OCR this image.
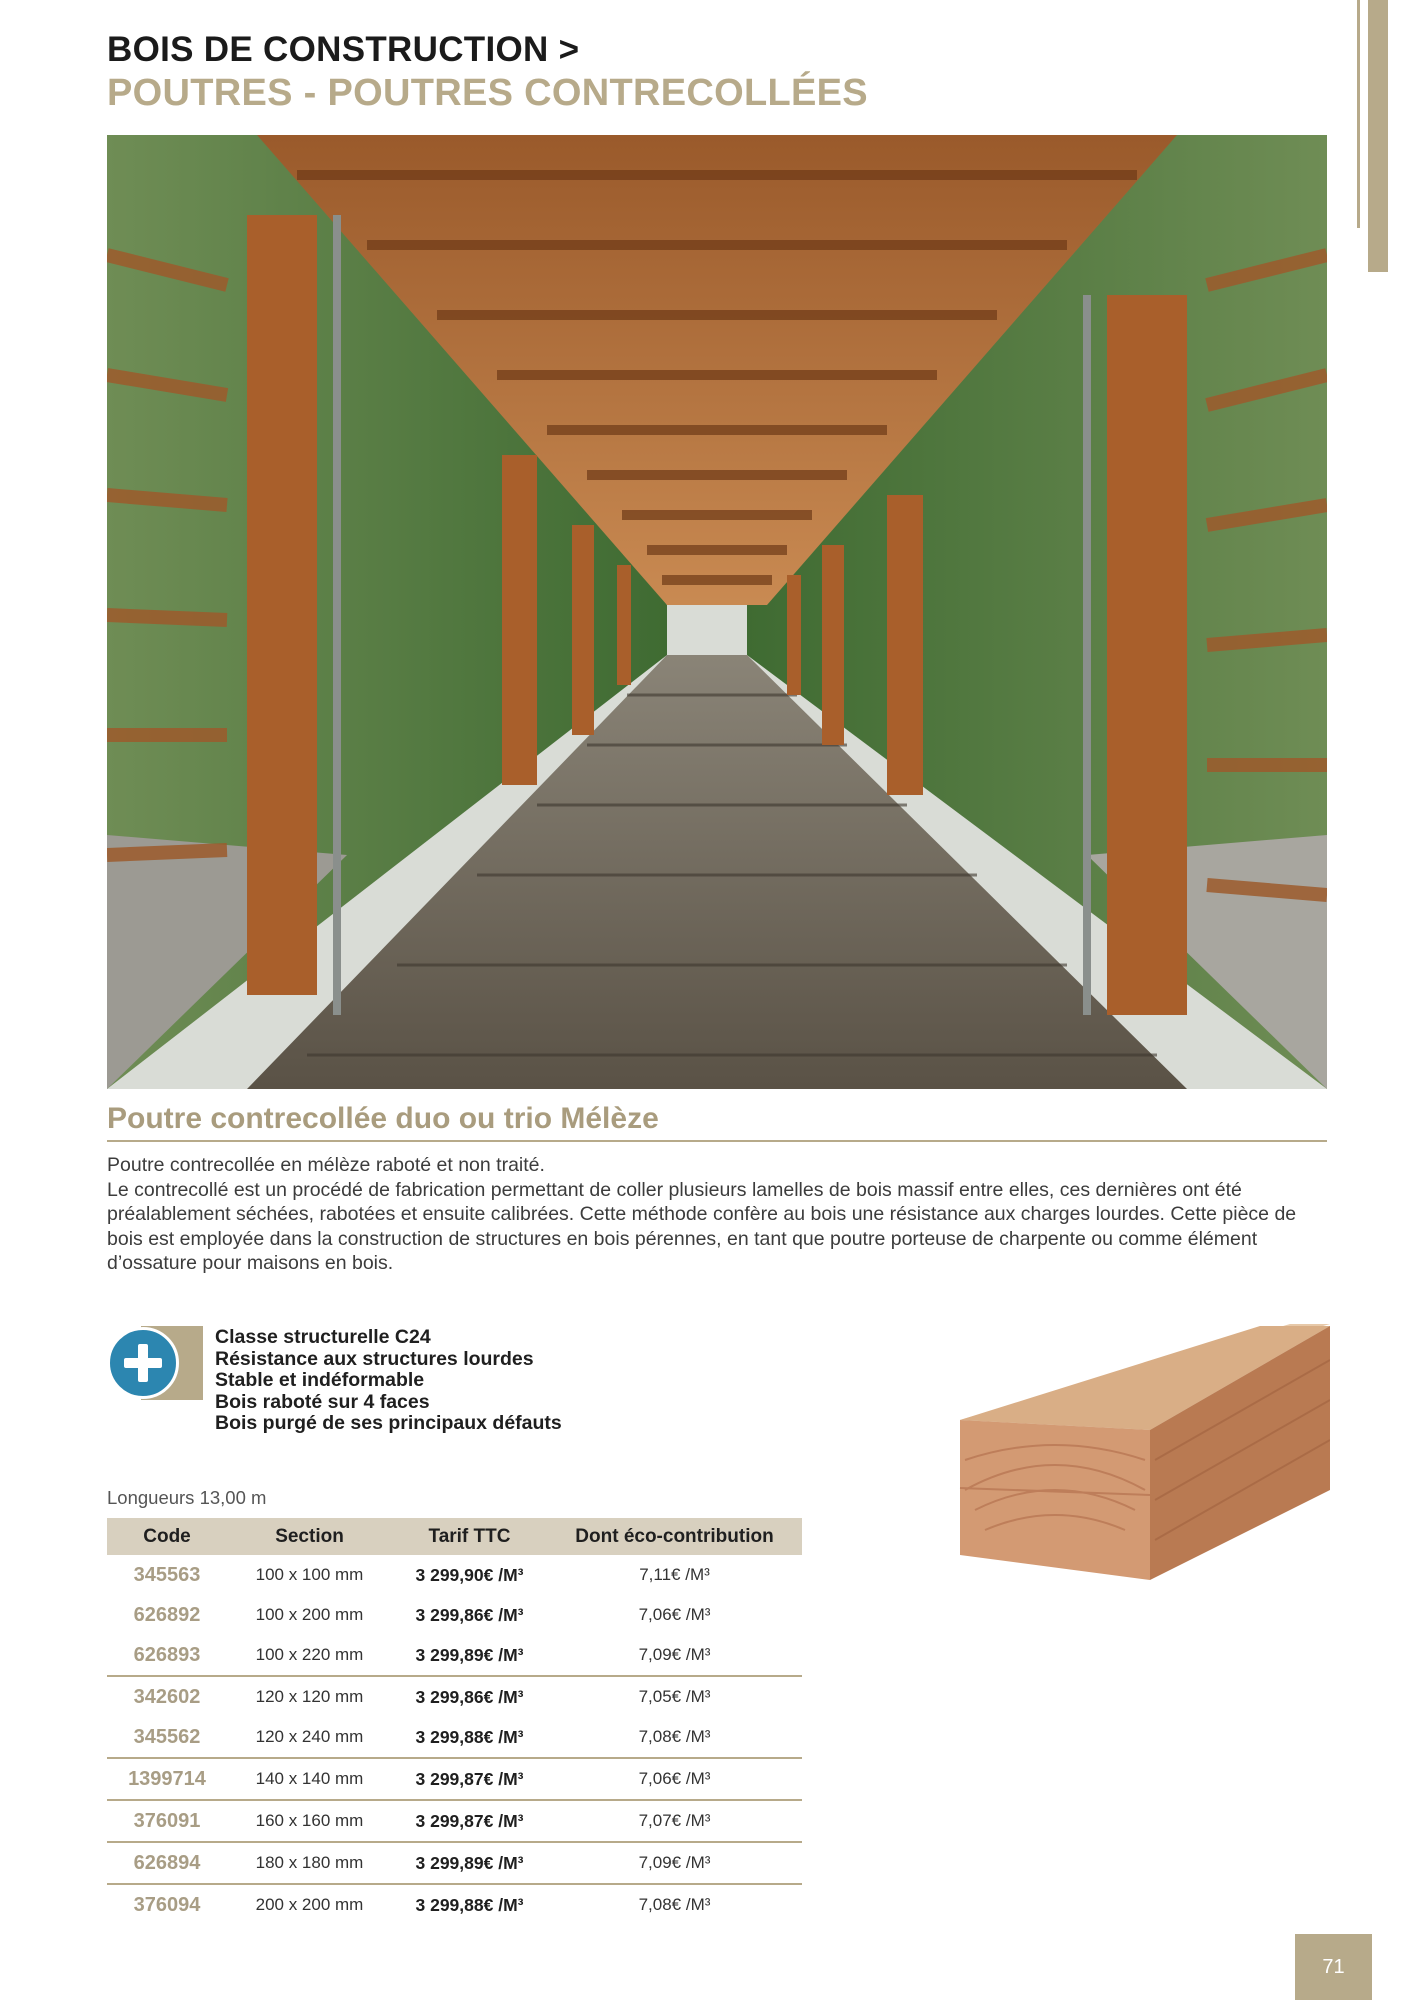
BOIS DE CONSTRUCTION >
POUTRES - POUTRES CONTRECOLLÉES
Poutre contrecollée duo ou trio Mélèze

Poutre contrecollée en mélèze raboté et non traité.

Le contrecollé est un procédé de fabrication permettant de coller plusieurs lamelles de bois massif entre elles, ces dernières ont été préalablement séchées, rabotées et ensuite calibrées. Cette méthode confère au bois une résistance aux charges lourdes. Cette pièce de bois est employée dans la construction de structures en bois pérennes, en tant que poutre porteuse de charpente ou comme élément d’ossature pour maisons en bois.

Classe structurelle C24
Résistance aux structures lourdes
Stable et indéformable
Bois raboté sur 4 faces
Bois purgé de ses principaux défauts
Longueurs 13,00 m
Code	Section	Tarif TTC	Dont éco-contribution
345563	100 x 100 mm	3 299,90€ /M³	7,11€ /M³
626892	100 x 200 mm	3 299,86€ /M³	7,06€ /M³
626893	100 x 220 mm	3 299,89€ /M³	7,09€ /M³
342602	120 x 120 mm	3 299,86€ /M³	7,05€ /M³
345562	120 x 240 mm	3 299,88€ /M³	7,08€ /M³
1399714	140 x 140 mm	3 299,87€ /M³	7,06€ /M³
376091	160 x 160 mm	3 299,87€ /M³	7,07€ /M³
626894	180 x 180 mm	3 299,89€ /M³	7,09€ /M³
376094	200 x 200 mm	3 299,88€ /M³	7,08€ /M³
71
